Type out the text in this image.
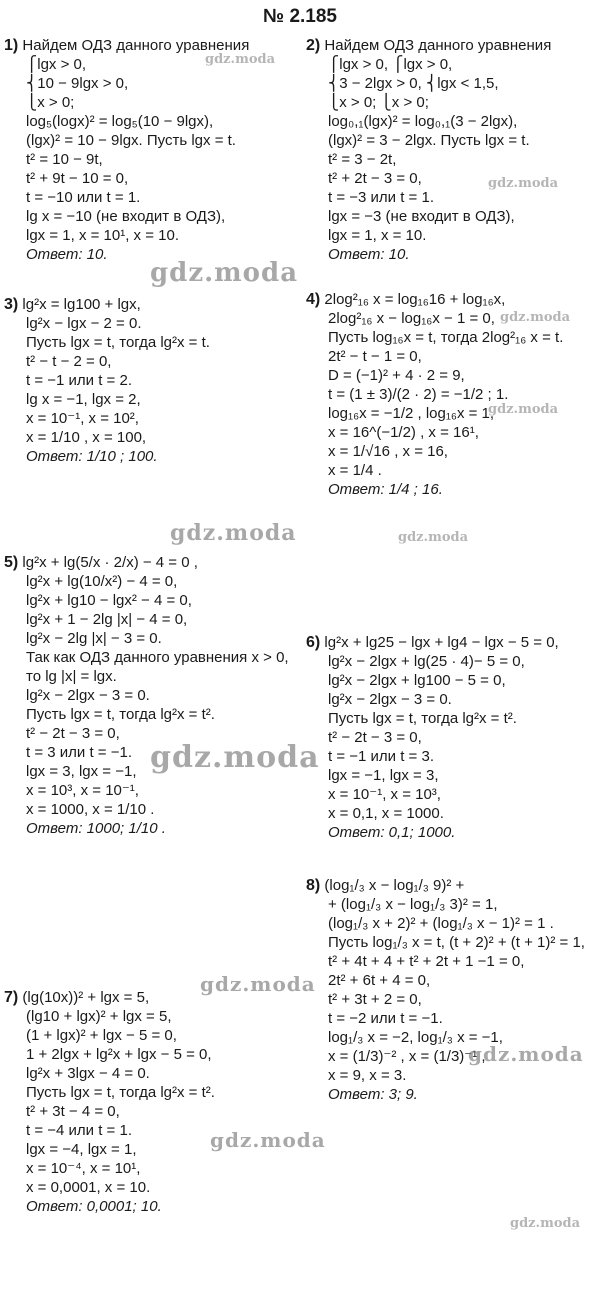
№ 2.185
1) Найдем ОДЗ данного уравнения
⎧lgx > 0,
⎨10 − 9lgx > 0,
⎩x > 0;
log₅(logx)² = log₅(10 − 9lgx),
(lgx)² = 10 − 9lgx. Пусть lgx = t.
t² = 10 − 9t,
t² + 9t − 10 = 0,
t = −10 или t = 1.
lg x = −10 (не входит в ОДЗ),
lgx = 1, x = 10¹, x = 10.
Ответ: 10.
3) lg²x = lg100 + lgx,
lg²x − lgx − 2 = 0.
Пусть lgx = t, тогда lg²x = t.
t² − t − 2 = 0,
t = −1 или t = 2.
lg x = −1, lgx = 2,
x = 10⁻¹, x = 10²,
x = 1/10 , x = 100,
Ответ: 1/10 ; 100.
5) lg²x + lg(5/x · 2/x) − 4 = 0 ,
lg²x + lg(10/x²) − 4 = 0,
lg²x + lg10 − lgx² − 4 = 0,
lg²x + 1 − 2lg |x| − 4 = 0,
lg²x − 2lg |x| − 3 = 0.
Так как ОДЗ данного уравнения x > 0,
то lg |x| = lgx.
lg²x − 2lgx − 3 = 0.
Пусть lgx = t, тогда lg²x = t².
t² − 2t − 3 = 0,
t = 3 или t = −1.
lgx = 3, lgx = −1,
x = 10³, x = 10⁻¹,
x = 1000, x = 1/10 .
Ответ: 1000; 1/10 .
7) (lg(10x))² + lgx = 5,
(lg10 + lgx)² + lgx = 5,
(1 + lgx)² + lgx − 5 = 0,
1 + 2lgx + lg²x + lgx − 5 = 0,
lg²x + 3lgx − 4 = 0.
Пусть lgx = t, тогда lg²x = t².
t² + 3t − 4 = 0,
t = −4 или t = 1.
lgx = −4, lgx = 1,
x = 10⁻⁴, x = 10¹,
x = 0,0001, x = 10.
Ответ: 0,0001; 10.
2) Найдем ОДЗ данного уравнения
⎧lgx > 0, ⎧lgx > 0,
⎨3 − 2lgx > 0, ⎨lgx < 1,5,
⎩x > 0; ⎩x > 0;
log₀,₁(lgx)² = log₀,₁(3 − 2lgx),
(lgx)² = 3 − 2lgx. Пусть lgx = t.
t² = 3 − 2t,
t² + 2t − 3 = 0,
t = −3 или t = 1.
lgx = −3 (не входит в ОДЗ),
lgx = 1, x = 10.
Ответ: 10.
4) 2log²₁₆ x = log₁₆16 + log₁₆x,
2log²₁₆ x − log₁₆x − 1 = 0,
Пусть log₁₆x = t, тогда 2log²₁₆ x = t.
2t² − t − 1 = 0,
D = (−1)² + 4 · 2 = 9,
t = (1 ± 3)/(2 · 2) = −1/2 ; 1.
log₁₆x = −1/2 , log₁₆x = 1,
x = 16^(−1/2) , x = 16¹,
x = 1/√16 , x = 16,
x = 1/4 .
Ответ: 1/4 ; 16.
6) lg²x + lg25 − lgx + lg4 − lgx − 5 = 0,
lg²x − 2lgx + lg(25 · 4)− 5 = 0,
lg²x − 2lgx + lg100 − 5 = 0,
lg²x − 2lgx − 3 = 0.
Пусть lgx = t, тогда lg²x = t².
t² − 2t − 3 = 0,
t = −1 или t = 3.
lgx = −1, lgx = 3,
x = 10⁻¹, x = 10³,
x = 0,1, x = 1000.
Ответ: 0,1; 1000.
8) (log₁/₃ x − log₁/₃ 9)² +
+ (log₁/₃ x − log₁/₃ 3)² = 1,
(log₁/₃ x + 2)² + (log₁/₃ x − 1)² = 1 .
Пусть log₁/₃ x = t, (t + 2)² + (t + 1)² = 1,
t² + 4t + 4 + t² + 2t + 1 −1 = 0,
2t² + 6t + 4 = 0,
t² + 3t + 2 = 0,
t = −2 или t = −1.
log₁/₃ x = −2, log₁/₃ x = −1,
x = (1/3)⁻² , x = (1/3)⁻¹ ,
x = 9, x = 3.
Ответ: 3; 9.
gdz.moda
gdz.moda
gdz.moda
gdz.moda
gdz.moda
gdz.moda	gdz.moda
gdz.moda
gdz.moda
gdz.moda
gdz.moda
gdz.moda
